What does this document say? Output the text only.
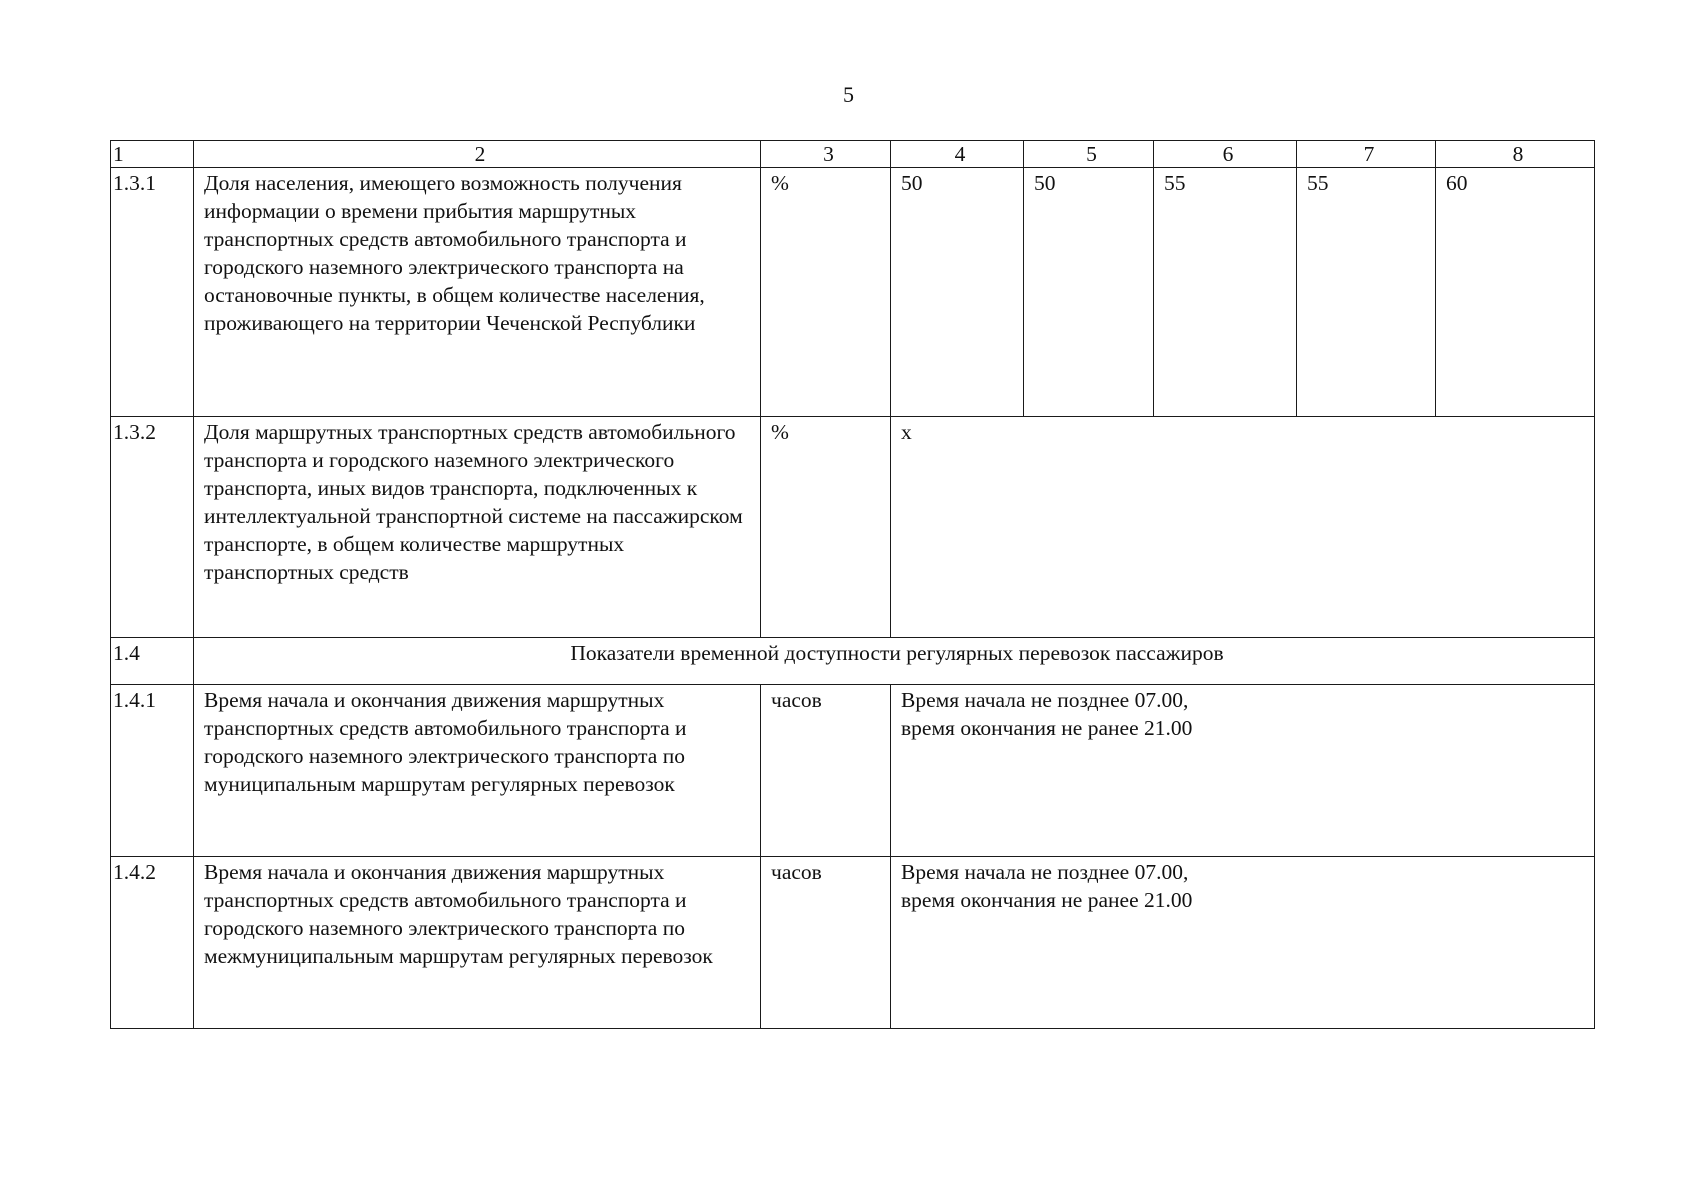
5
1	2	3	4	5	6	7	8
1.3.1	Доля населения, имеющего возможность получения информации о времени прибытия маршрутных транспортных средств автомобильного транспорта и городского наземного электрического транспорта на остановочные пункты, в общем количестве населения, проживающего на территории Чеченской Республики	%	50	50	55	55	60
1.3.2	Доля маршрутных транспортных средств автомобильного транспорта и городского наземного электрического транспорта, иных видов транспорта, подключенных к интеллектуальной транспортной системе на пассажирском транспорте, в общем количестве маршрутных транспортных средств	%	х				
1.4	Показатели временной доступности регулярных перевозок пассажиров						
1.4.1	Время начала и окончания движения маршрутных транспортных средств автомобильного транспорта и городского наземного электрического транспорта по муниципальным маршрутам регулярных перевозок	часов	Время начала не позднее 07.00,
время окончания не ранее 21.00				

1.4.2	Время начала и окончания движения маршрутных транспортных средств автомобильного транспорта и городского наземного электрического транспорта по межмуниципальным маршрутам регулярных перевозок	часов	Время начала не позднее 07.00,
время окончания не ранее 21.00				
